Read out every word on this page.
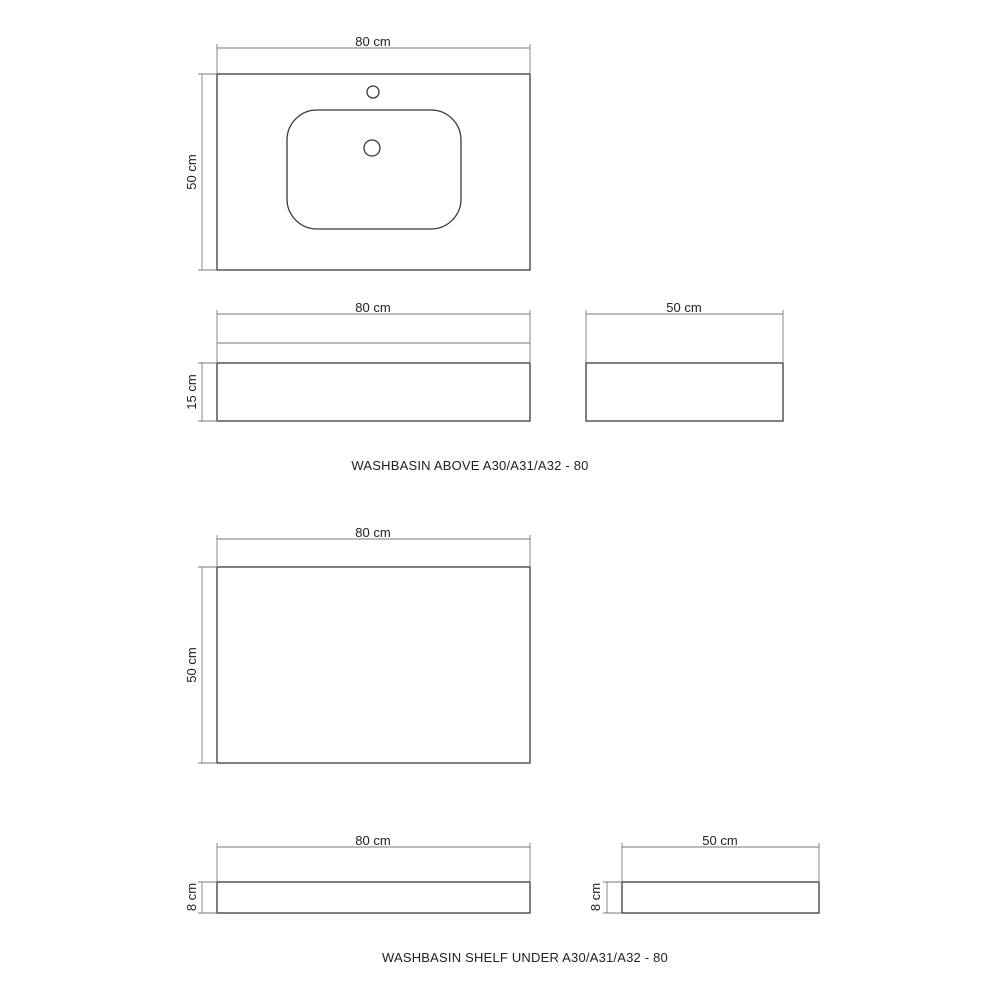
80 cm
50 cm
80 cm
15 cm
50 cm
WASHBASIN ABOVE A30/A31/A32 - 80
80 cm
50 cm
80 cm
8 cm
50 cm
8 cm
WASHBASIN SHELF UNDER A30/A31/A32 - 80
